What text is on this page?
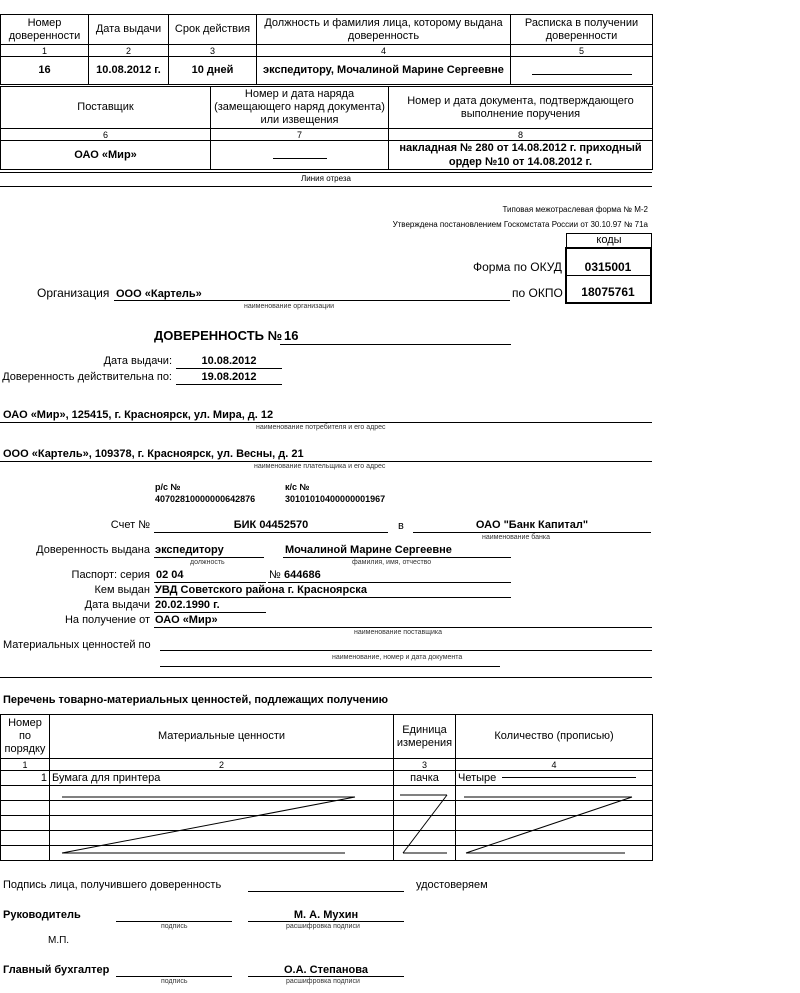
Номер доверенности	Дата выдачи	Срок действия	Должность и фамилия лица, которому выдана доверенность	Расписка в получении доверенности
1	2	3	4	5
16	10.08.2012 г.	10 дней	экспедитору, Мочалиной Марине Сергеевне	
Поставщик	Номер и дата наряда (замещающего наряд документа) или извещения	Номер и дата документа, подтверждающего выполнение поручения
6	7	8
ОАО «Мир»		накладная № 280 от 14.08.2012 г. приходный ордер №10 от 14.08.2012 г.
Линия отреза
Типовая межотраслевая форма № М-2
Утверждена постановлением Госкомстата России от 30.10.97 № 71а
коды
Форма по ОКУД	0315001
по ОКПО	18075761
Организация ООО «Картель»
наименование организации
ДОВЕРЕННОСТЬ № 16
Дата выдачи:	10.08.2012
Доверенность действительна по:	19.08.2012
ОАО «Мир», 125415, г. Красноярск, ул. Мира, д. 12
наименование потребителя и его адрес
ООО «Картель», 109378, г. Красноярск, ул. Весны, д. 21
наименование плательщика и его адрес
р/с №
40702810000000642876
к/с №
30101010400000001967
Счет №	БИК 04452570	в	ОАО "Банк Капитал"
наименование банка
Доверенность выдана экспедитору
должность
Мочалиной Марине Сергеевне
фамилия, имя, отчество
Паспорт: серия 02 04	№ 644686
Кем выдан УВД Советского района г. Красноярска
Дата выдачи 20.02.1990 г.
На получение от ОАО «Мир»
наименование поставщика
Материальных ценностей по
наименование, номер и дата документа
Перечень товарно-материальных ценностей, подлежащих получению
Номер по порядку	Материальные ценности	Единица измерения	Количество (прописью)
1	2	3	4
1	Бумага для принтера	пачка	Четыре

Подпись лица, получившего доверенность	удостоверяем
Руководитель
подпись
М. А. Мухин
расшифровка подписи
М.П.
Главный бухгалтер
подпись
О.А. Степанова
расшифровка подписи
